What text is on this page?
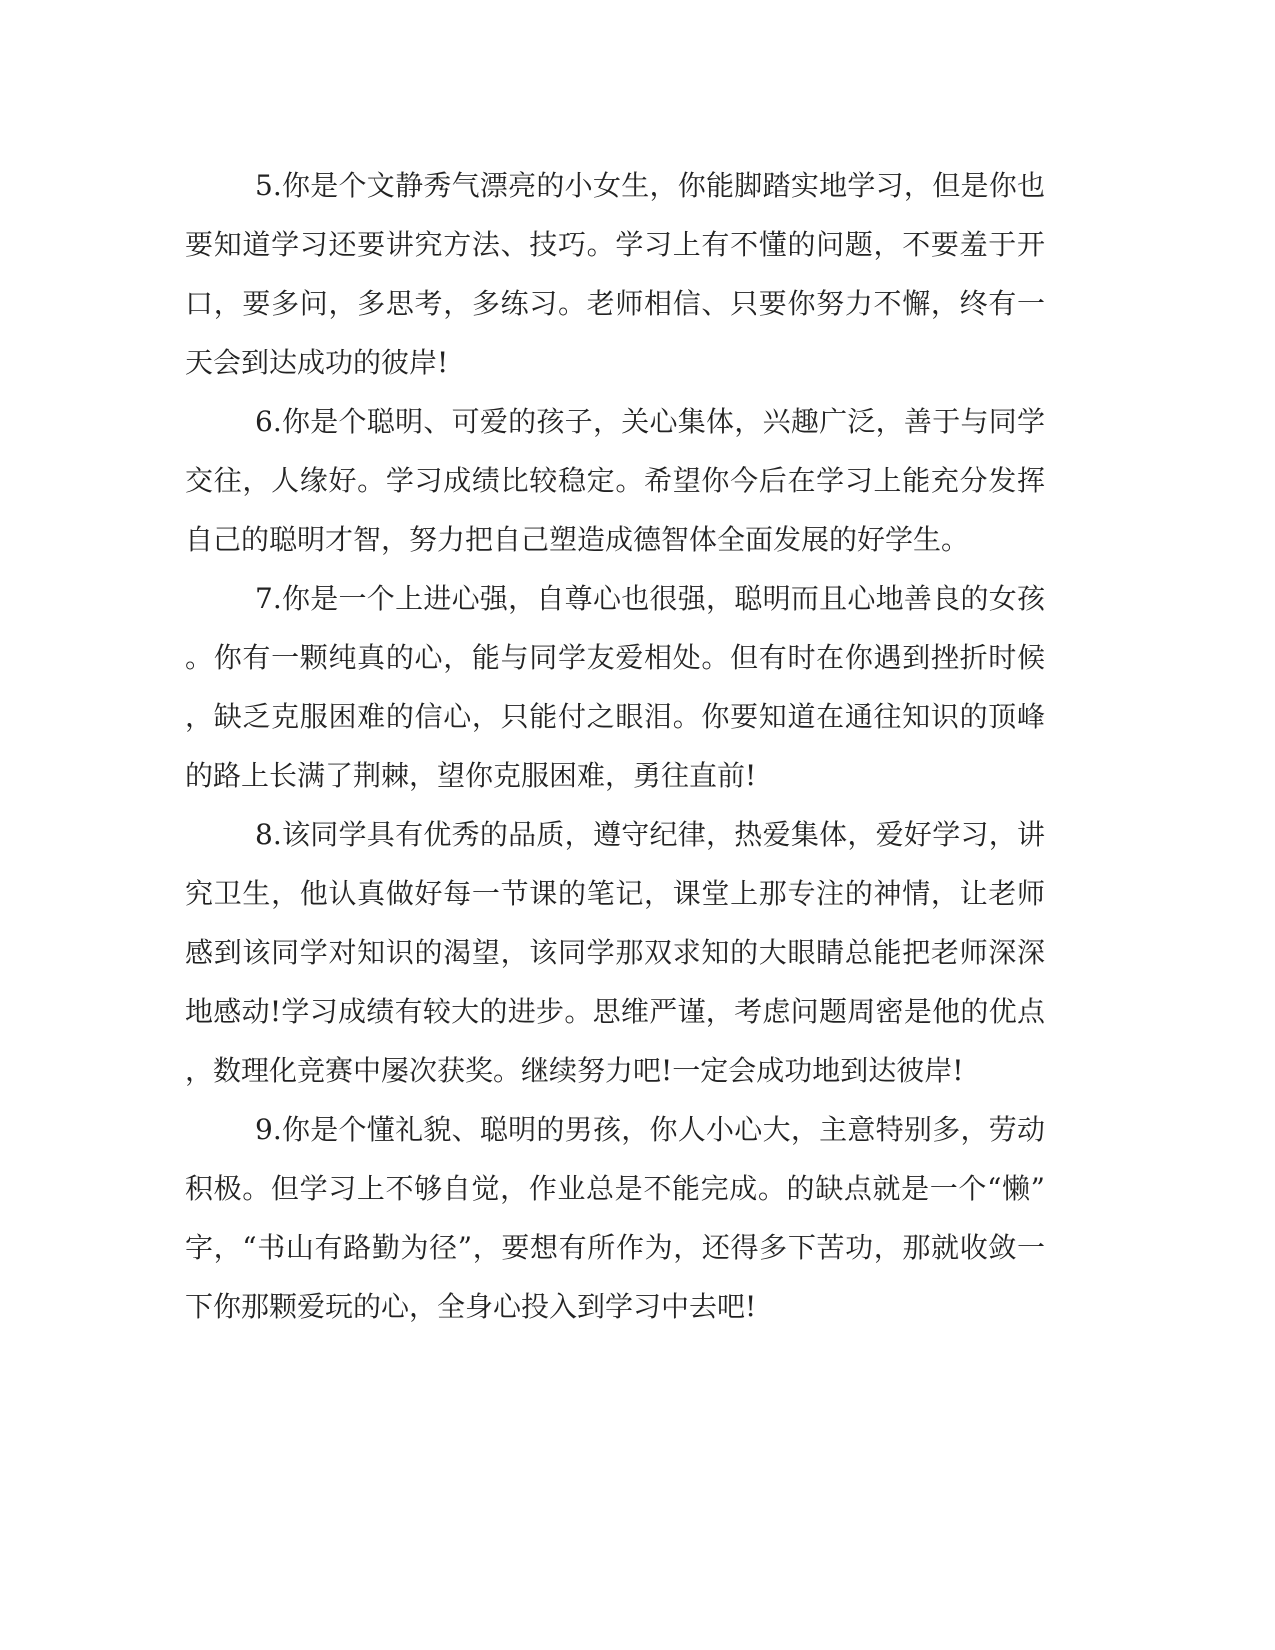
5.你是个文静秀气漂亮的小女生，你能脚踏实地学习，但是你也
要知道学习还要讲究方法、技巧。学习上有不懂的问题，不要羞于开
口，要多问，多思考，多练习。老师相信、只要你努力不懈，终有一
天会到达成功的彼岸!
6.你是个聪明、可爱的孩子，关心集体，兴趣广泛，善于与同学
交往，人缘好。学习成绩比较稳定。希望你今后在学习上能充分发挥
自己的聪明才智，努力把自己塑造成德智体全面发展的好学生。
7.你是一个上进心强，自尊心也很强，聪明而且心地善良的女孩
。你有一颗纯真的心，能与同学友爱相处。但有时在你遇到挫折时候
，缺乏克服困难的信心，只能付之眼泪。你要知道在通往知识的顶峰
的路上长满了荆棘，望你克服困难，勇往直前!
8.该同学具有优秀的品质，遵守纪律，热爱集体，爱好学习，讲
究卫生，他认真做好每一节课的笔记，课堂上那专注的神情，让老师
感到该同学对知识的渴望，该同学那双求知的大眼睛总能把老师深深
地感动!学习成绩有较大的进步。思维严谨，考虑问题周密是他的优点
，数理化竞赛中屡次获奖。继续努力吧!一定会成功地到达彼岸!
9.你是个懂礼貌、聪明的男孩，你人小心大，主意特别多，劳动
积极。但学习上不够自觉，作业总是不能完成。的缺点就是一个“懒”
字，“书山有路勤为径”，要想有所作为，还得多下苦功，那就收敛一
下你那颗爱玩的心，全身心投入到学习中去吧!
